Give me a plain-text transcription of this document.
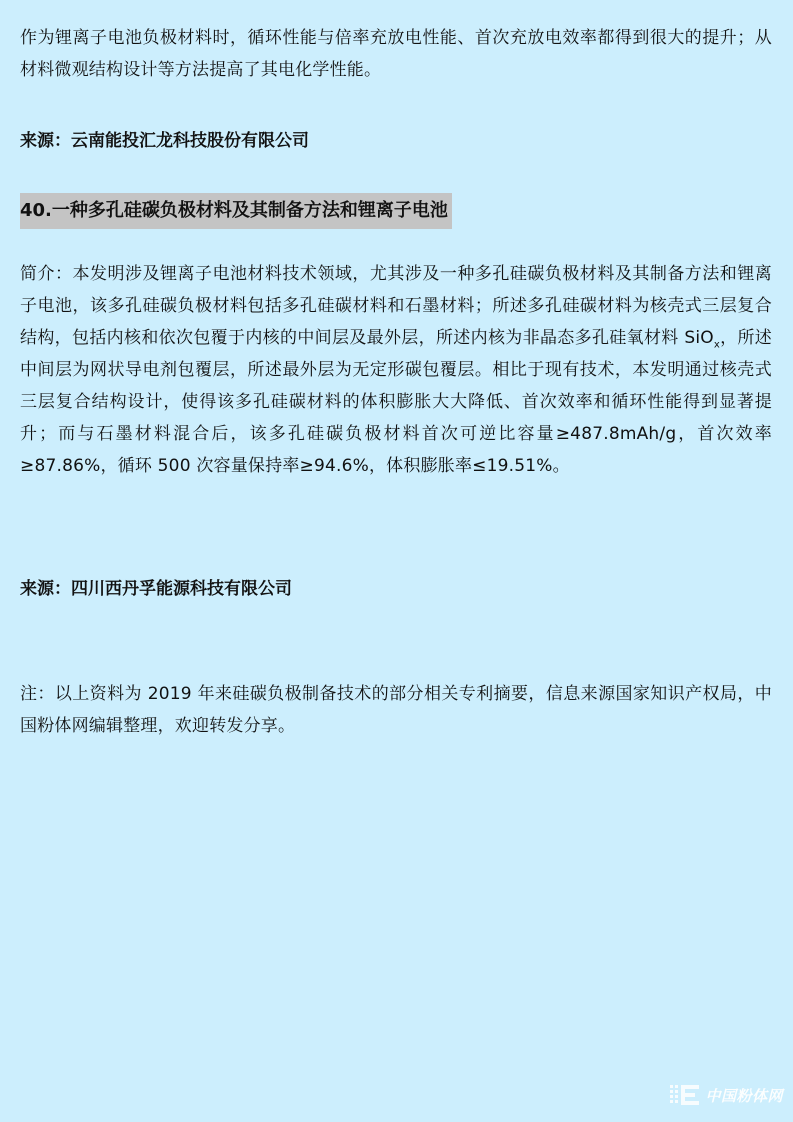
作为锂离子电池负极材料时，循环性能与倍率充放电性能、首次充放电效率都得到很大的提升；从材料微观结构设计等方法提高了其电化学性能。

来源：云南能投汇龙科技股份有限公司

40.一种多孔硅碳负极材料及其制备方法和锂离子电池

简介：本发明涉及锂离子电池材料技术领域，尤其涉及一种多孔硅碳负极材料及其制备方法和锂离子电池，该多孔硅碳负极材料包括多孔硅碳材料和石墨材料；所述多孔硅碳材料为核壳式三层复合结构，包括内核和依次包覆于内核的中间层及最外层，所述内核为非晶态多孔硅氧材料 SiO$_x$，所述中间层为网状导电剂包覆层，所述最外层为无定形碳包覆层。相比于现有技术，本发明通过核壳式三层复合结构设计，使得该多孔硅碳材料的体积膨胀大大降低、首次效率和循环性能得到显著提升；而与石墨材料混合后，该多孔硅碳负极材料首次可逆比容量≥487.8mAh/g，首次效率≥87.86%，循环 500 次容量保持率≥94.6%，体积膨胀率≤19.51%。

来源：四川西丹孚能源科技有限公司

注：以上资料为 2019 年来硅碳负极制备技术的部分相关专利摘要，信息来源国家知识产权局，中国粉体网编辑整理，欢迎转发分享。

中国粉体网
